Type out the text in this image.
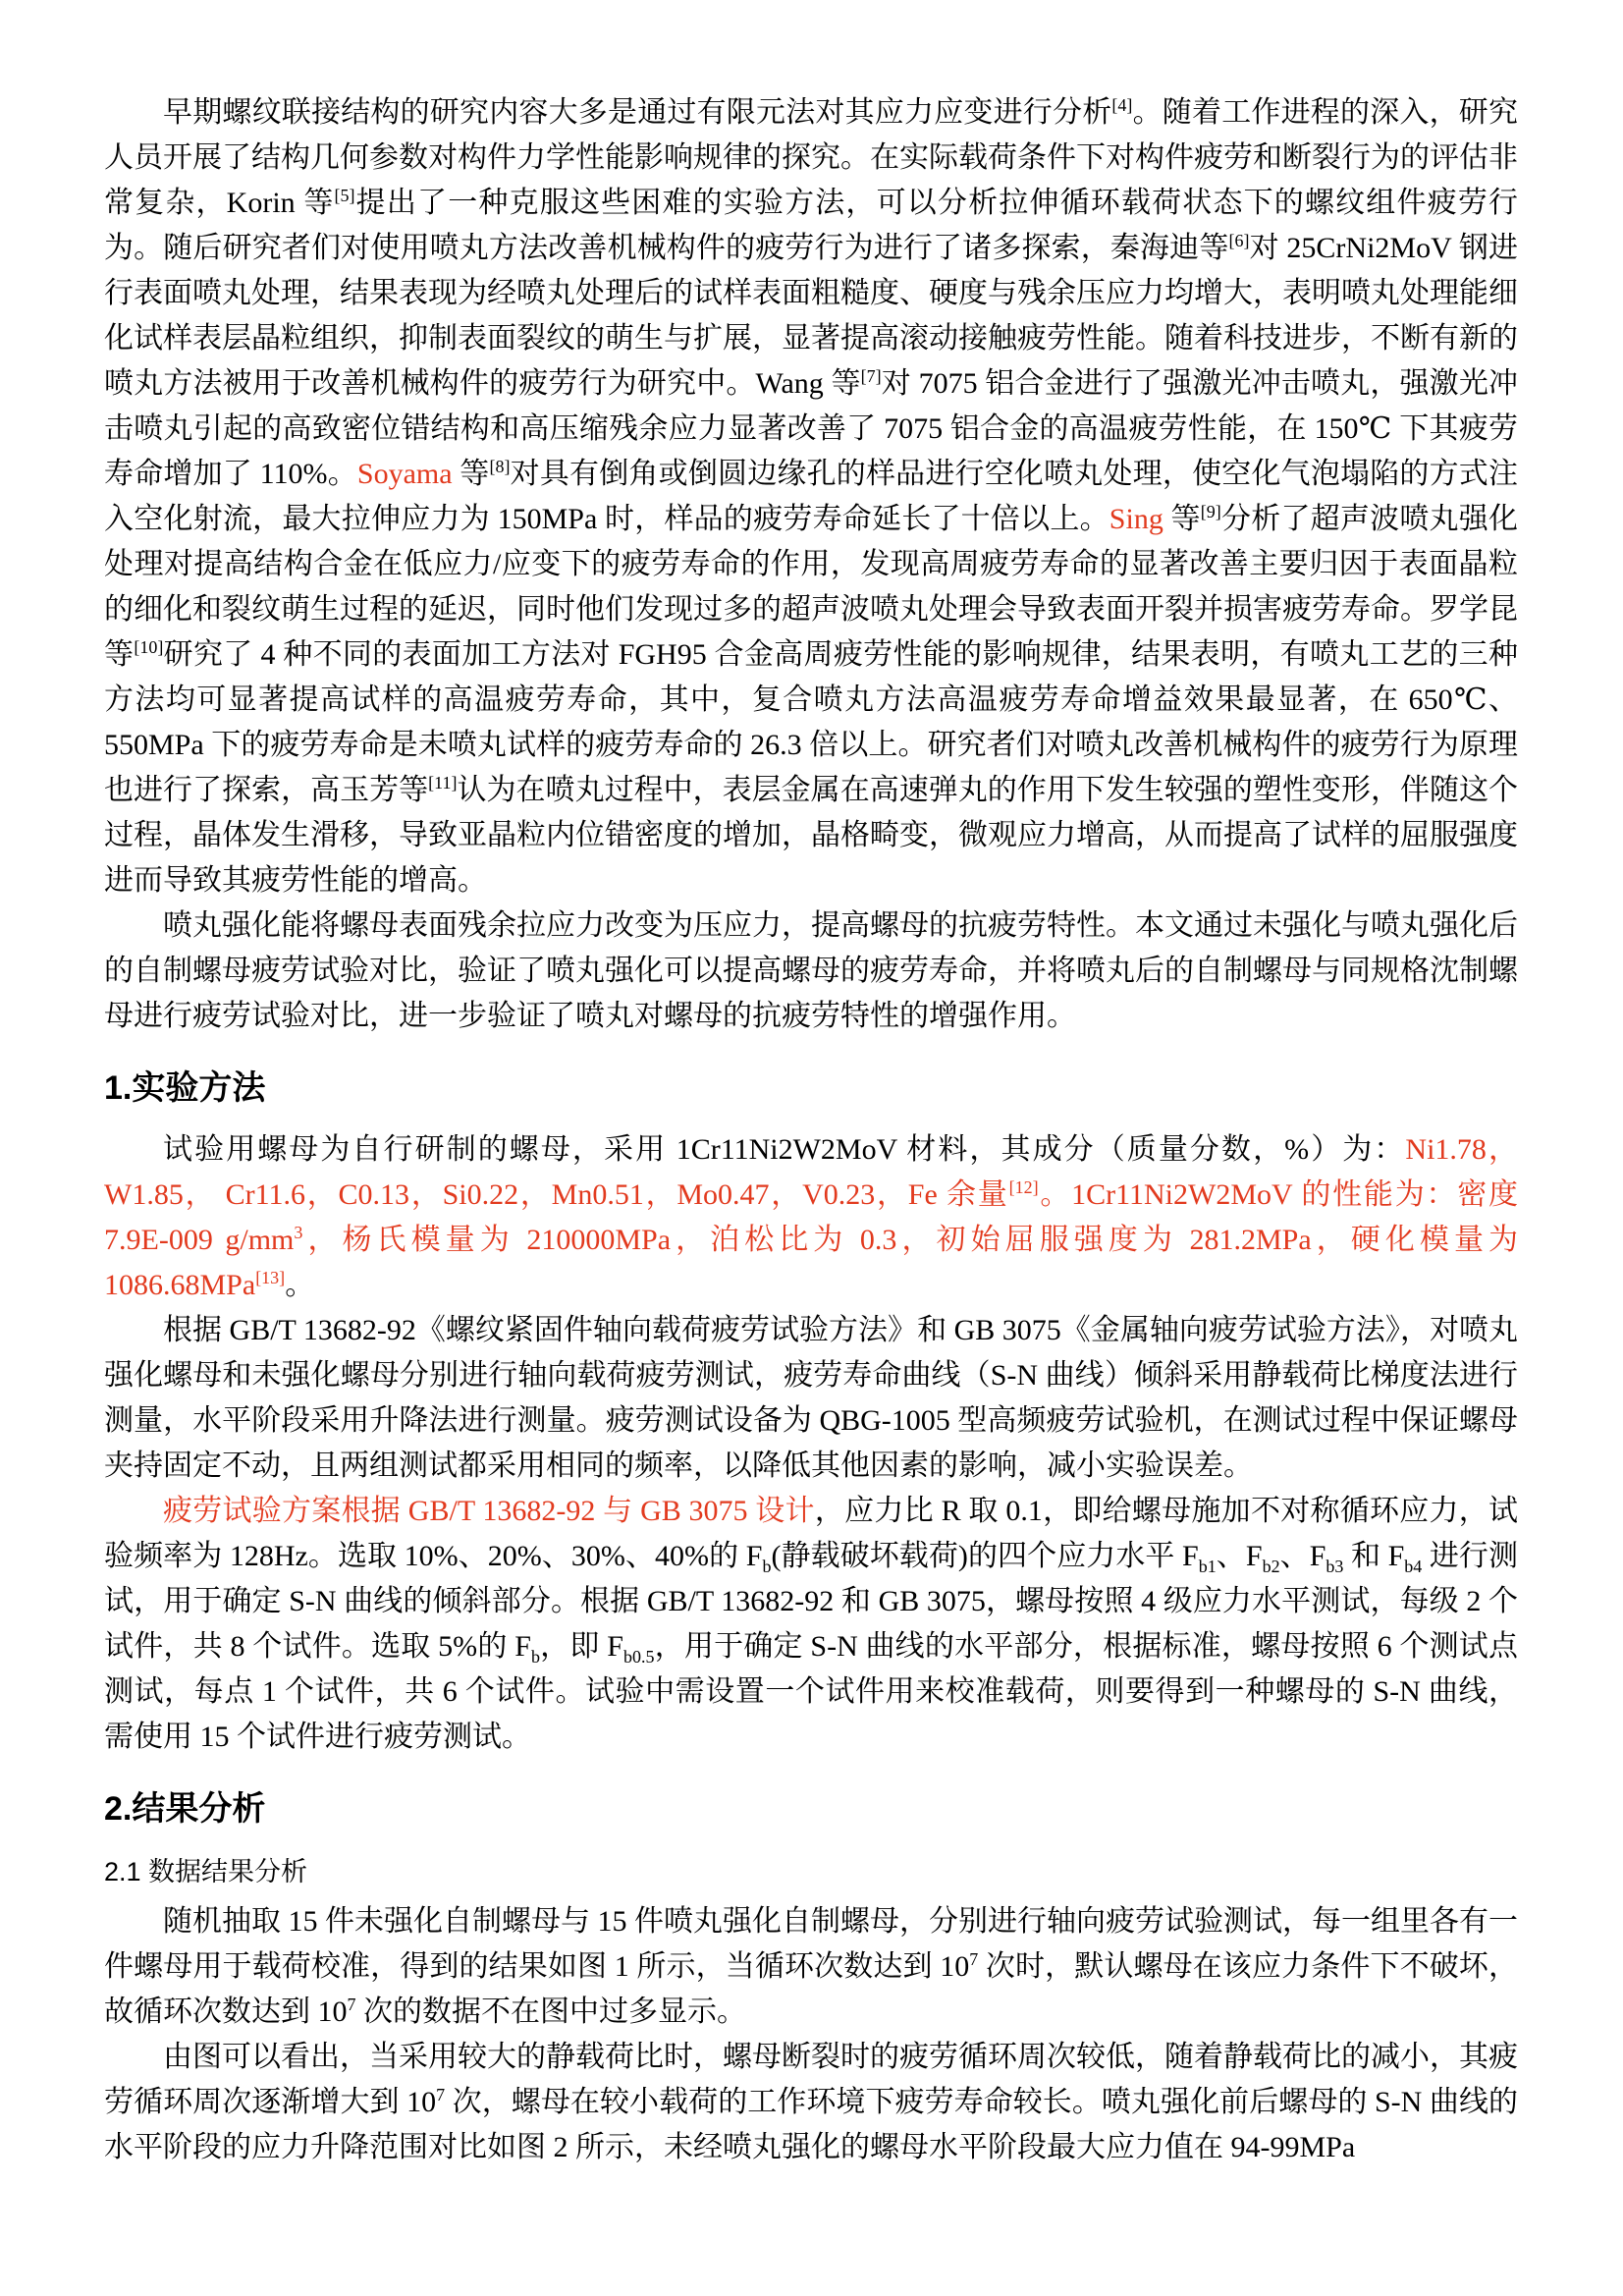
早期螺纹联接结构的研究内容大多是通过有限元法对其应力应变进行分析[4]。随着工作进程的深入，研究人员开展了结构几何参数对构件力学性能影响规律的探究。在实际载荷条件下对构件疲劳和断裂行为的评估非常复杂，Korin 等[5]提出了一种克服这些困难的实验方法，可以分析拉伸循环载荷状态下的螺纹组件疲劳行为。随后研究者们对使用喷丸方法改善机械构件的疲劳行为进行了诸多探索，秦海迪等[6]对 25CrNi2MoV 钢进行表面喷丸处理，结果表现为经喷丸处理后的试样表面粗糙度、硬度与残余压应力均增大，表明喷丸处理能细化试样表层晶粒组织，抑制表面裂纹的萌生与扩展，显著提高滚动接触疲劳性能。随着科技进步，不断有新的喷丸方法被用于改善机械构件的疲劳行为研究中。Wang 等[7]对 7075 铝合金进行了强激光冲击喷丸，强激光冲击喷丸引起的高致密位错结构和高压缩残余应力显著改善了 7075 铝合金的高温疲劳性能，在 150℃ 下其疲劳寿命增加了 110%。Soyama 等[8]对具有倒角或倒圆边缘孔的样品进行空化喷丸处理，使空化气泡塌陷的方式注入空化射流，最大拉伸应力为 150MPa 时，样品的疲劳寿命延长了十倍以上。Sing 等[9]分析了超声波喷丸强化处理对提高结构合金在低应力/应变下的疲劳寿命的作用，发现高周疲劳寿命的显著改善主要归因于表面晶粒的细化和裂纹萌生过程的延迟，同时他们发现过多的超声波喷丸处理会导致表面开裂并损害疲劳寿命。罗学昆等[10]研究了 4 种不同的表面加工方法对 FGH95 合金高周疲劳性能的影响规律，结果表明，有喷丸工艺的三种方法均可显著提高试样的高温疲劳寿命，其中，复合喷丸方法高温疲劳寿命增益效果最显著，在 650℃、550MPa 下的疲劳寿命是未喷丸试样的疲劳寿命的 26.3 倍以上。研究者们对喷丸改善机械构件的疲劳行为原理也进行了探索，高玉芳等[11]认为在喷丸过程中，表层金属在高速弹丸的作用下发生较强的塑性变形，伴随这个过程，晶体发生滑移，导致亚晶粒内位错密度的增加，晶格畸变，微观应力增高，从而提高了试样的屈服强度进而导致其疲劳性能的增高。

喷丸强化能将螺母表面残余拉应力改变为压应力，提高螺母的抗疲劳特性。本文通过未强化与喷丸强化后的自制螺母疲劳试验对比，验证了喷丸强化可以提高螺母的疲劳寿命，并将喷丸后的自制螺母与同规格沈制螺母进行疲劳试验对比，进一步验证了喷丸对螺母的抗疲劳特性的增强作用。

1.实验方法

试验用螺母为自行研制的螺母，采用 1Cr11Ni2W2MoV 材料，其成分（质量分数，%）为：Ni1.78，W1.85， Cr11.6，C0.13，Si0.22，Mn0.51，Mo0.47，V0.23，Fe 余量[12]。1Cr11Ni2W2MoV 的性能为：密度 7.9E-009 $g/mm^3$，杨氏模量为 210000MPa，泊松比为 0.3，初始屈服强度为 281.2MPa，硬化模量为 1086.68MPa[13]。

根据 GB/T 13682-92《螺纹紧固件轴向载荷疲劳试验方法》和 GB 3075《金属轴向疲劳试验方法》，对喷丸强化螺母和未强化螺母分别进行轴向载荷疲劳测试，疲劳寿命曲线（S-N 曲线）倾斜采用静载荷比梯度法进行测量，水平阶段采用升降法进行测量。疲劳测试设备为 QBG-1005 型高频疲劳试验机，在测试过程中保证螺母夹持固定不动，且两组测试都采用相同的频率，以降低其他因素的影响，减小实验误差。

疲劳试验方案根据 GB/T 13682-92 与 GB 3075 设计，应力比 R 取 0.1，即给螺母施加不对称循环应力，试验频率为 128Hz。选取 10%、20%、30%、40%的 $F_b$(静载破坏载荷)的四个应力水平 $F_{b1}$、$F_{b2}$、$F_{b3}$ 和 $F_{b4}$ 进行测试，用于确定 S-N 曲线的倾斜部分。根据 GB/T 13682-92 和 GB 3075，螺母按照 4 级应力水平测试，每级 2 个试件，共 8 个试件。选取 5%的 $F_b$，即 $F_{b0.5}$，用于确定 S-N 曲线的水平部分，根据标准，螺母按照 6 个测试点测试，每点 1 个试件，共 6 个试件。试验中需设置一个试件用来校准载荷，则要得到一种螺母的 S-N 曲线，需使用 15 个试件进行疲劳测试。

2.结果分析
2.1 数据结果分析

随机抽取 15 件未强化自制螺母与 15 件喷丸强化自制螺母，分别进行轴向疲劳试验测试，每一组里各有一件螺母用于载荷校准，得到的结果如图 1 所示，当循环次数达到 $10^7$ 次时，默认螺母在该应力条件下不破坏，故循环次数达到 $10^7$ 次的数据不在图中过多显示。

由图可以看出，当采用较大的静载荷比时，螺母断裂时的疲劳循环周次较低，随着静载荷比的减小，其疲劳循环周次逐渐增大到 $10^7$ 次，螺母在较小载荷的工作环境下疲劳寿命较长。喷丸强化前后螺母的 S-N 曲线的水平阶段的应力升降范围对比如图 2 所示，未经喷丸强化的螺母水平阶段最大应力值在 94-99MPa
